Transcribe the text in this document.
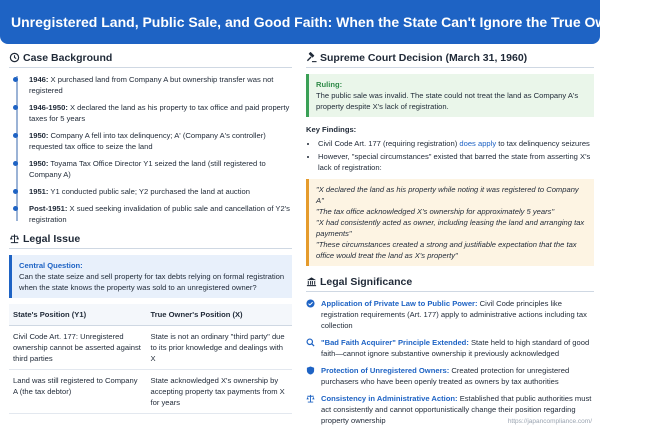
Unregistered Land, Public Sale, and Good Faith: When the State Can't Ignore the True Owner (1960)
Case Background
1946: X purchased land from Company A but ownership transfer was not registered
1946-1950: X declared the land as his property to tax office and paid property taxes for 5 years
1950: Company A fell into tax delinquency; A' (Company A's controller) requested tax office to seize the land
1950: Toyama Tax Office Director Y1 seized the land (still registered to Company A)
1951: Y1 conducted public sale; Y2 purchased the land at auction
Post-1951: X sued seeking invalidation of public sale and cancellation of Y2's registration
Legal Issue
Central Question:
Can the state seize and sell property for tax debts relying on formal registration when the state knows the property was sold to an unregistered owner?
State's Position (Y1)	True Owner's Position (X)
Civil Code Art. 177: Unregistered ownership cannot be asserted against third parties	State is not an ordinary "third party" due to its prior knowledge and dealings with X
Land was still registered to Company A (the tax debtor)	State acknowledged X's ownership by accepting property tax payments from X for years
Supreme Court Decision (March 31, 1960)
Ruling:
The public sale was invalid. The state could not treat the land as Company A's property despite X's lack of registration.
Key Findings:
• Civil Code Art. 177 (requiring registration) does apply to tax delinquency seizures
• However, "special circumstances" existed that barred the state from asserting X's lack of registration:
"X declared the land as his property while noting it was registered to Company A"
"The tax office acknowledged X's ownership for approximately 5 years"
"X had consistently acted as owner, including leasing the land and arranging tax payments"
"These circumstances created a strong and justifiable expectation that the tax office would treat the land as X's property"
Legal Significance
Application of Private Law to Public Power: Civil Code principles like registration requirements (Art. 177) apply to administrative actions including tax collection
"Bad Faith Acquirer" Principle Extended: State held to high standard of good faith—cannot ignore substantive ownership it previously acknowledged
Protection of Unregistered Owners: Created protection for unregistered purchasers who have been openly treated as owners by tax authorities
Consistency in Administrative Action: Established that public authorities must act consistently and cannot opportunistically change their position regarding property ownership	https://japancompliance.com/
